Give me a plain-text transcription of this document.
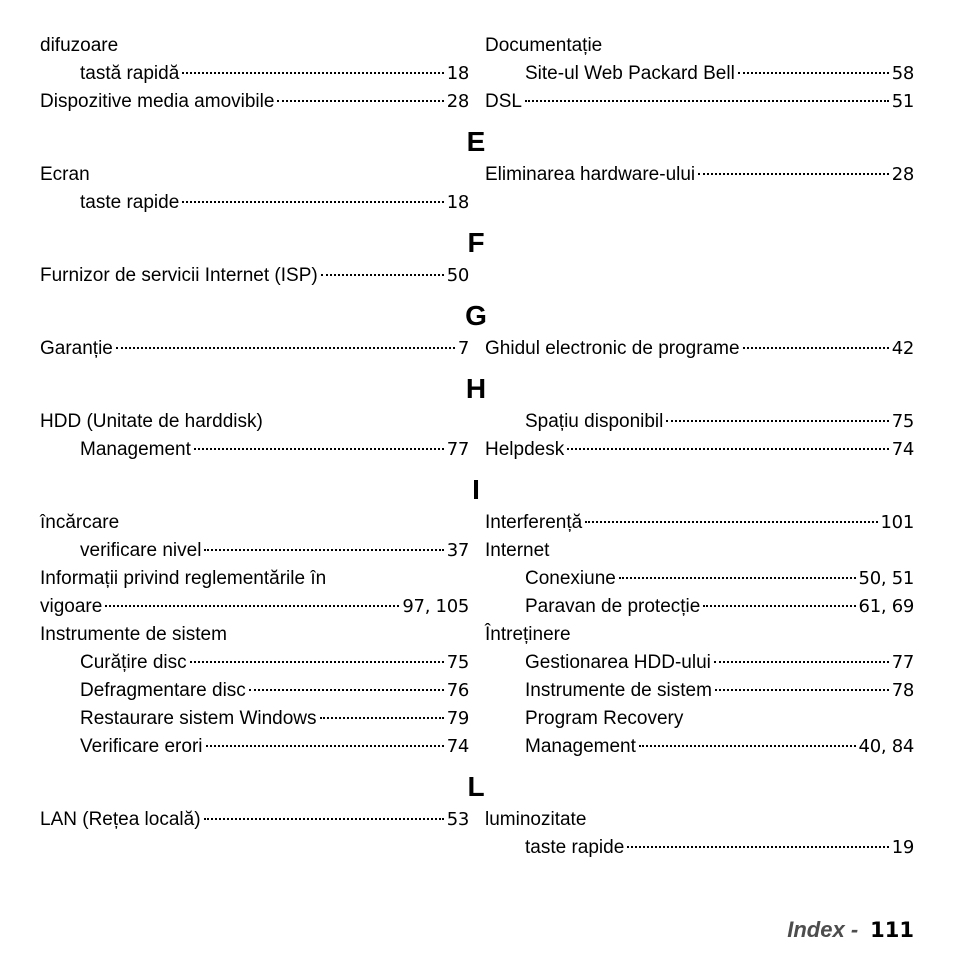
difuzoare
tastă rapidă	18
Dispozitive media amovibile	28
Ecran
taste rapide	18
Furnizor de servicii Internet (ISP)	50
Garanție	7
HDD (Unitate de harddisk)
Management	77
încărcare
verificare nivel	37
Informații privind reglementările în
vigoare	97, 105
Instrumente de sistem
Curățire disc	75
Defragmentare disc	76
Restaurare sistem Windows	79
Verificare erori	74
LAN (Rețea locală)	53
Documentație
Site-ul Web Packard Bell	58
DSL	51
Eliminarea hardware-ului	28
Ghidul electronic de programe	42
Spațiu disponibil	75
Helpdesk	74
Interferență	101
Internet
Conexiune	50, 51
Paravan de protecție	61, 69
Întreținere
Gestionarea HDD-ului	77
Instrumente de sistem	78
Program Recovery
Management	40, 84
luminozitate
taste rapide	19
E
F
G
H
I
L
Index - 111
